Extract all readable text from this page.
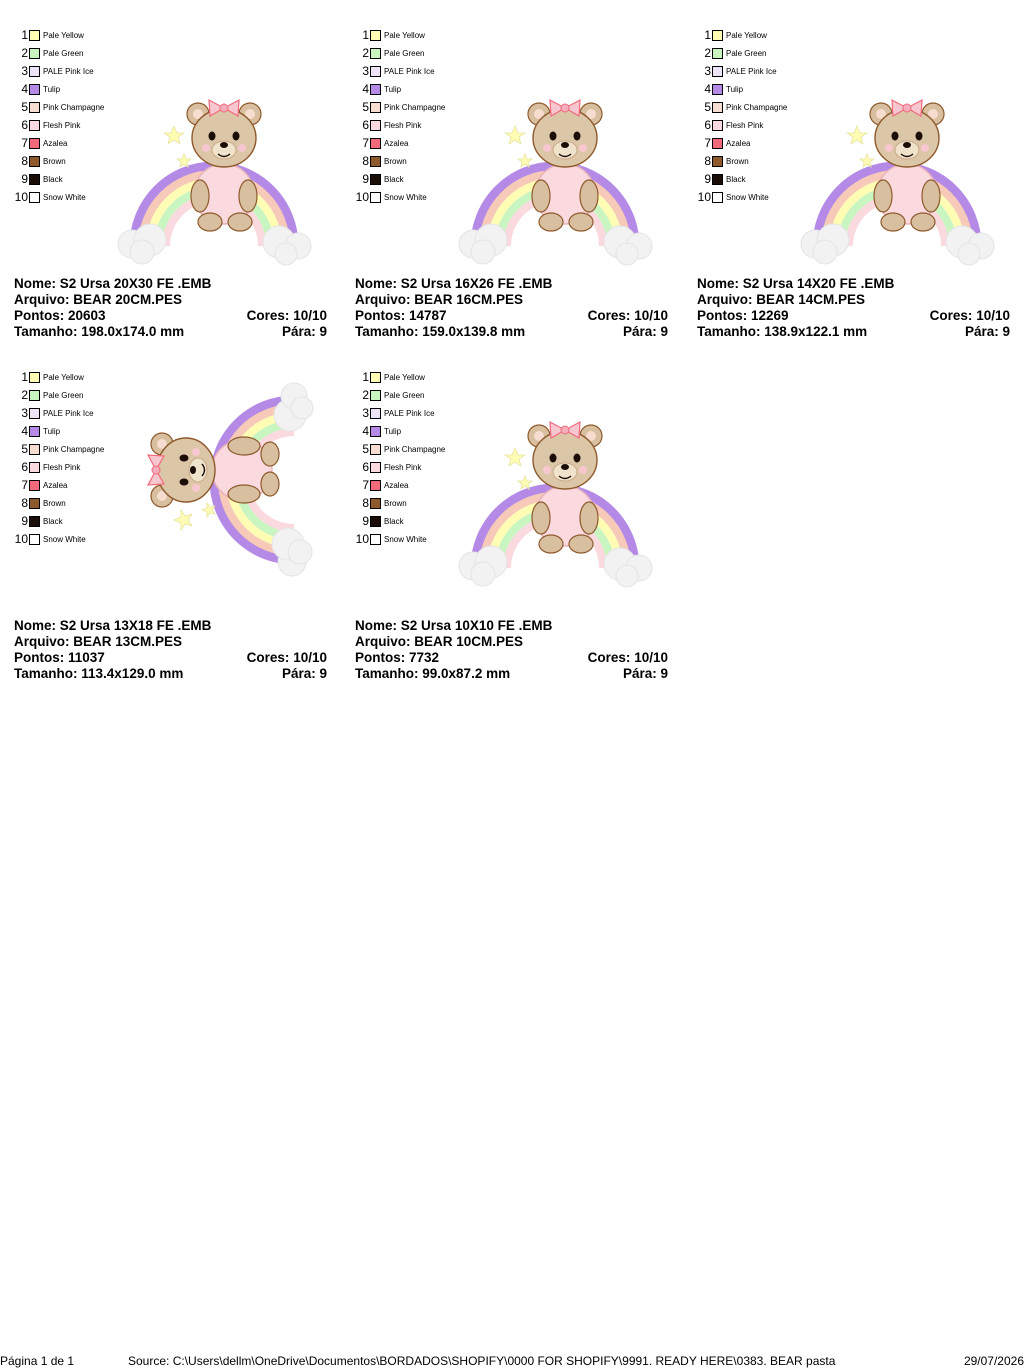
1 Pale Yellow
2 Pale Green
3 PALE Pink Ice
4 Tulip
5 Pink Champagne
6 Flesh Pink
7 Azalea
8 Brown
9 Black
10 Snow White
Nome: S2 Ursa 20X30 FE .EMB
Arquivo: BEAR 20CM.PES
Pontos: 20603	Cores: 10/10
Tamanho: 198.0x174.0 mm	Pára: 9
1 Pale Yellow
2 Pale Green
3 PALE Pink Ice
4 Tulip
5 Pink Champagne
6 Flesh Pink
7 Azalea
8 Brown
9 Black
10 Snow White
Nome: S2 Ursa 16X26 FE .EMB
Arquivo: BEAR 16CM.PES
Pontos: 14787	Cores: 10/10
Tamanho: 159.0x139.8 mm	Pára: 9
1 Pale Yellow
2 Pale Green
3 PALE Pink Ice
4 Tulip
5 Pink Champagne
6 Flesh Pink
7 Azalea
8 Brown
9 Black
10 Snow White
Nome: S2 Ursa 14X20 FE .EMB
Arquivo: BEAR 14CM.PES
Pontos: 12269	Cores: 10/10
Tamanho: 138.9x122.1 mm	Pára: 9
1 Pale Yellow
2 Pale Green
3 PALE Pink Ice
4 Tulip
5 Pink Champagne
6 Flesh Pink
7 Azalea
8 Brown
9 Black
10 Snow White
Nome: S2 Ursa 13X18 FE .EMB
Arquivo: BEAR 13CM.PES
Pontos: 11037	Cores: 10/10
Tamanho: 113.4x129.0 mm	Pára: 9
1 Pale Yellow
2 Pale Green
3 PALE Pink Ice
4 Tulip
5 Pink Champagne
6 Flesh Pink
7 Azalea
8 Brown
9 Black
10 Snow White
Nome: S2 Ursa 10X10 FE .EMB
Arquivo: BEAR 10CM.PES
Pontos: 7732	Cores: 10/10
Tamanho: 99.0x87.2 mm	Pára: 9
Página 1 de 1	Source: C:\Users\dellm\OneDrive\Documentos\BORDADOS\SHOPIFY\0000 FOR SHOPIFY\9991. READY HERE\0383. BEAR pasta	29/07/2026
